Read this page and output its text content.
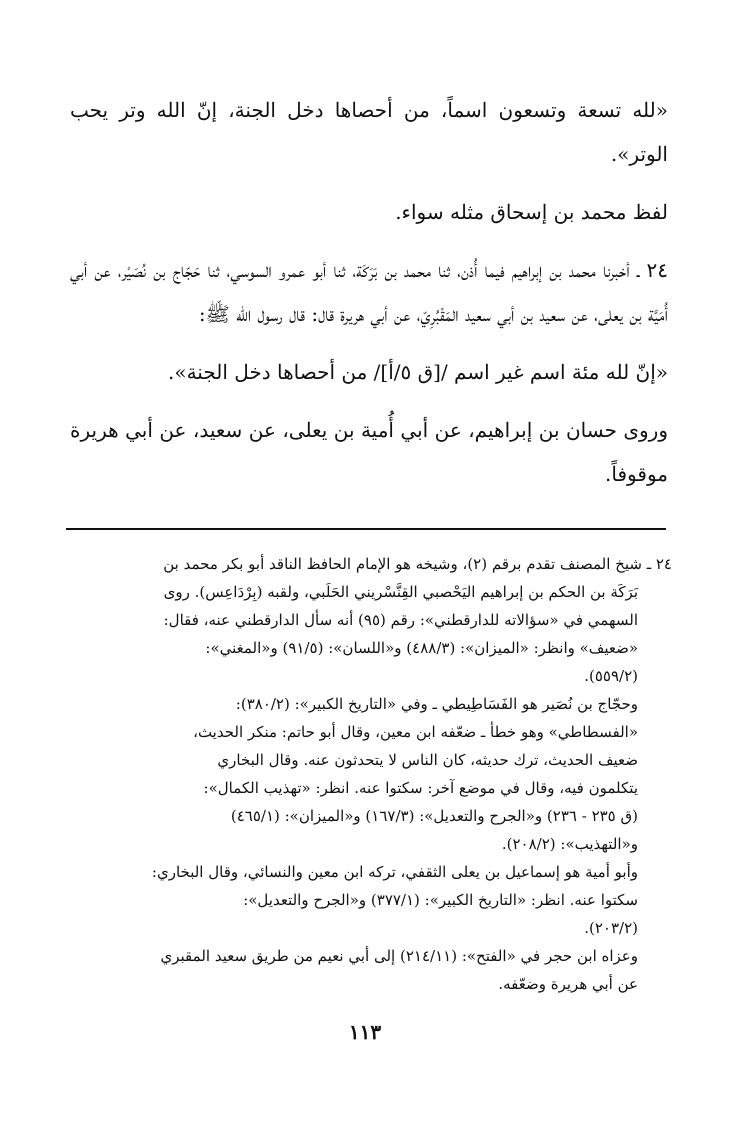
«لله تسعة وتسعون اسماً، من أحصاها دخل الجنة، إنّ الله وتر يحب الوتر».

لفظ محمد بن إسحاق مثله سواء.

٢٤ ـ أخبرنا محمد بن إبراهيم فيما أُذن، ثنا محمد بن بَرَكَة، ثنا أبو عمرو السوسي، ثنا حَجّاج بن نُصَيْر، عن أبي أُمَيَّة بن يعلى، عن سعيد بن أبي سعيد المَقْبُرِيّ، عن أبي هريرة قال: قال رسول الله ﷺ:

«إنّ لله مئة اسم غير اسم /[ق ٥/أ]/ من أحصاها دخل الجنة».

وروى حسان بن إبراهيم، عن أبي أُمية بن يعلى، عن سعيد، عن أبي هريرة موقوفاً.

٢٤ ـ شيخ المصنف تقدم برقم (٢)، وشيخه هو الإمام الحافظ الناقد أبو بكر محمد بن
بَرَكَة بن الحكم بن إبراهيم اليَحْصبي القِنَّسْريني الحَلَبي، ولقبه (بِرْدَاعِس). روى
السهمي في «سؤالاته للدارقطني»: رقم (٩٥) أنه سأل الدارقطني عنه، فقال:
«ضعيف» وانظر: «الميزان»: (٤٨٨/٣) و«اللسان»: (٩١/٥) و«المغني»:
(٥٥٩/٢).
وحجّاج بن نُصَير هو الفَسَاطِيطي ـ وفي «التاريخ الكبير»: (٣٨٠/٢):
«الفسطاطي» وهو خطأ ـ ضعّفه ابن معين، وقال أبو حاتم: منكر الحديث،
ضعيف الحديث، ترك حديثه، كان الناس لا يتحدثون عنه. وقال البخاري
يتكلمون فيه، وقال في موضع آخر: سكتوا عنه. انظر: «تهذيب الكمال»:
(ق ٢٣٥ - ٢٣٦) و«الجرح والتعديل»: (١٦٧/٣) و«الميزان»: (٤٦٥/١)
و«التهذيب»: (٢٠٨/٢).
وأبو أمية هو إسماعيل بن يعلى الثقفي، تركه ابن معين والنسائي، وقال البخاري:
سكتوا عنه. انظر: «التاريخ الكبير»: (٣٧٧/١) و«الجرح والتعديل»:
(٢٠٣/٢).
وعزاه ابن حجر في «الفتح»: (٢١٤/١١) إلى أبي نعيم من طريق سعيد المقبري
عن أبي هريرة وضعّفه.
١١٣
